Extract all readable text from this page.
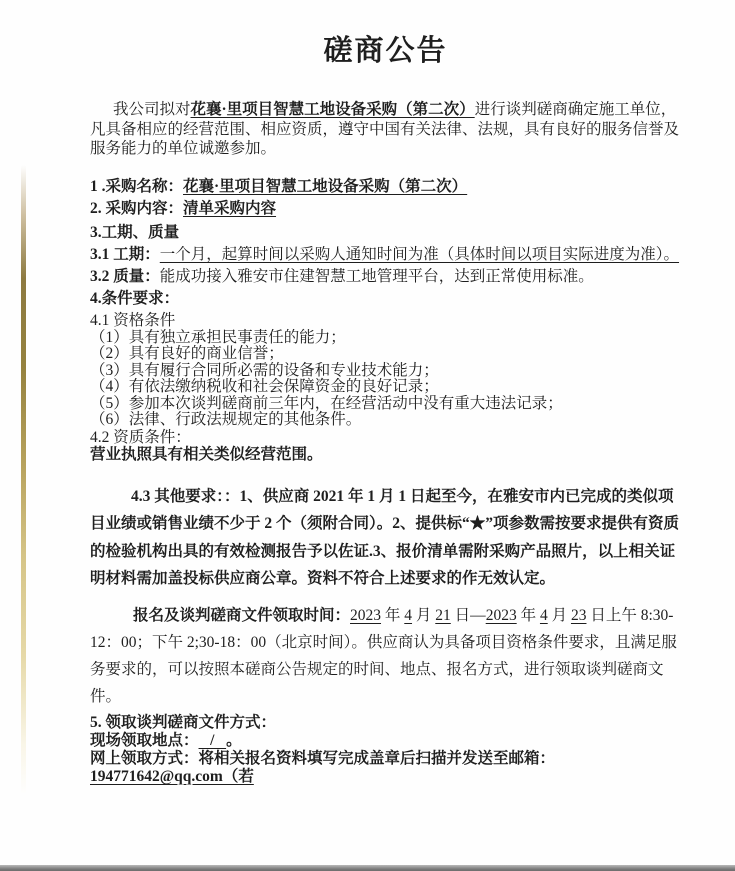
磋商公告

我公司拟对花襄·里项目智慧工地设备采购（第二次）进行谈判磋商确定施工单位，凡具备相应的经营范围、相应资质，遵守中国有关法律、法规，具有良好的服务信誉及服务能力的单位诚邀参加。

1 .采购名称：花襄·里项目智慧工地设备采购（第二次）
2. 采购内容：清单采购内容
3.工期、质量
3.1 工期：一个月，起算时间以采购人通知时间为准（具体时间以项目实际进度为准）。
3.2 质量：能成功接入雅安市住建智慧工地管理平台，达到正常使用标准。
4.条件要求：
4.1 资格条件
（1）具有独立承担民事责任的能力；
（2）具有良好的商业信誉；
（3）具有履行合同所必需的设备和专业技术能力；
（4）有依法缴纳税收和社会保障资金的良好记录；
（5）参加本次谈判磋商前三年内，在经营活动中没有重大违法记录；
（6）法律、行政法规规定的其他条件。
4.2 资质条件：
营业执照具有相关类似经营范围。

4.3 其他要求：：1、供应商 2021 年 1 月 1 日起至今，在雅安市内已完成的类似项目业绩或销售业绩不少于 2 个（须附合同）。2、提供标“★”项参数需按要求提供有资质的检验机构出具的有效检测报告予以佐证.3、报价清单需附采购产品照片，以上相关证明材料需加盖投标供应商公章。资料不符合上述要求的作无效认定。

报名及谈判磋商文件领取时间：2023 年 4 月 21 日—2023 年 4 月 23 日上午 8:30-12：00；下午 2;30-18：00（北京时间）。供应商认为具备项目资格条件要求，且满足服务要求的，可以按照本磋商公告规定的时间、地点、报名方式，进行领取谈判磋商文件。

5. 领取谈判磋商文件方式：
现场领取地点：   /   。
网上领取方式：将相关报名资料填写完成盖章后扫描并发送至邮箱：194771642@qq.com（若
